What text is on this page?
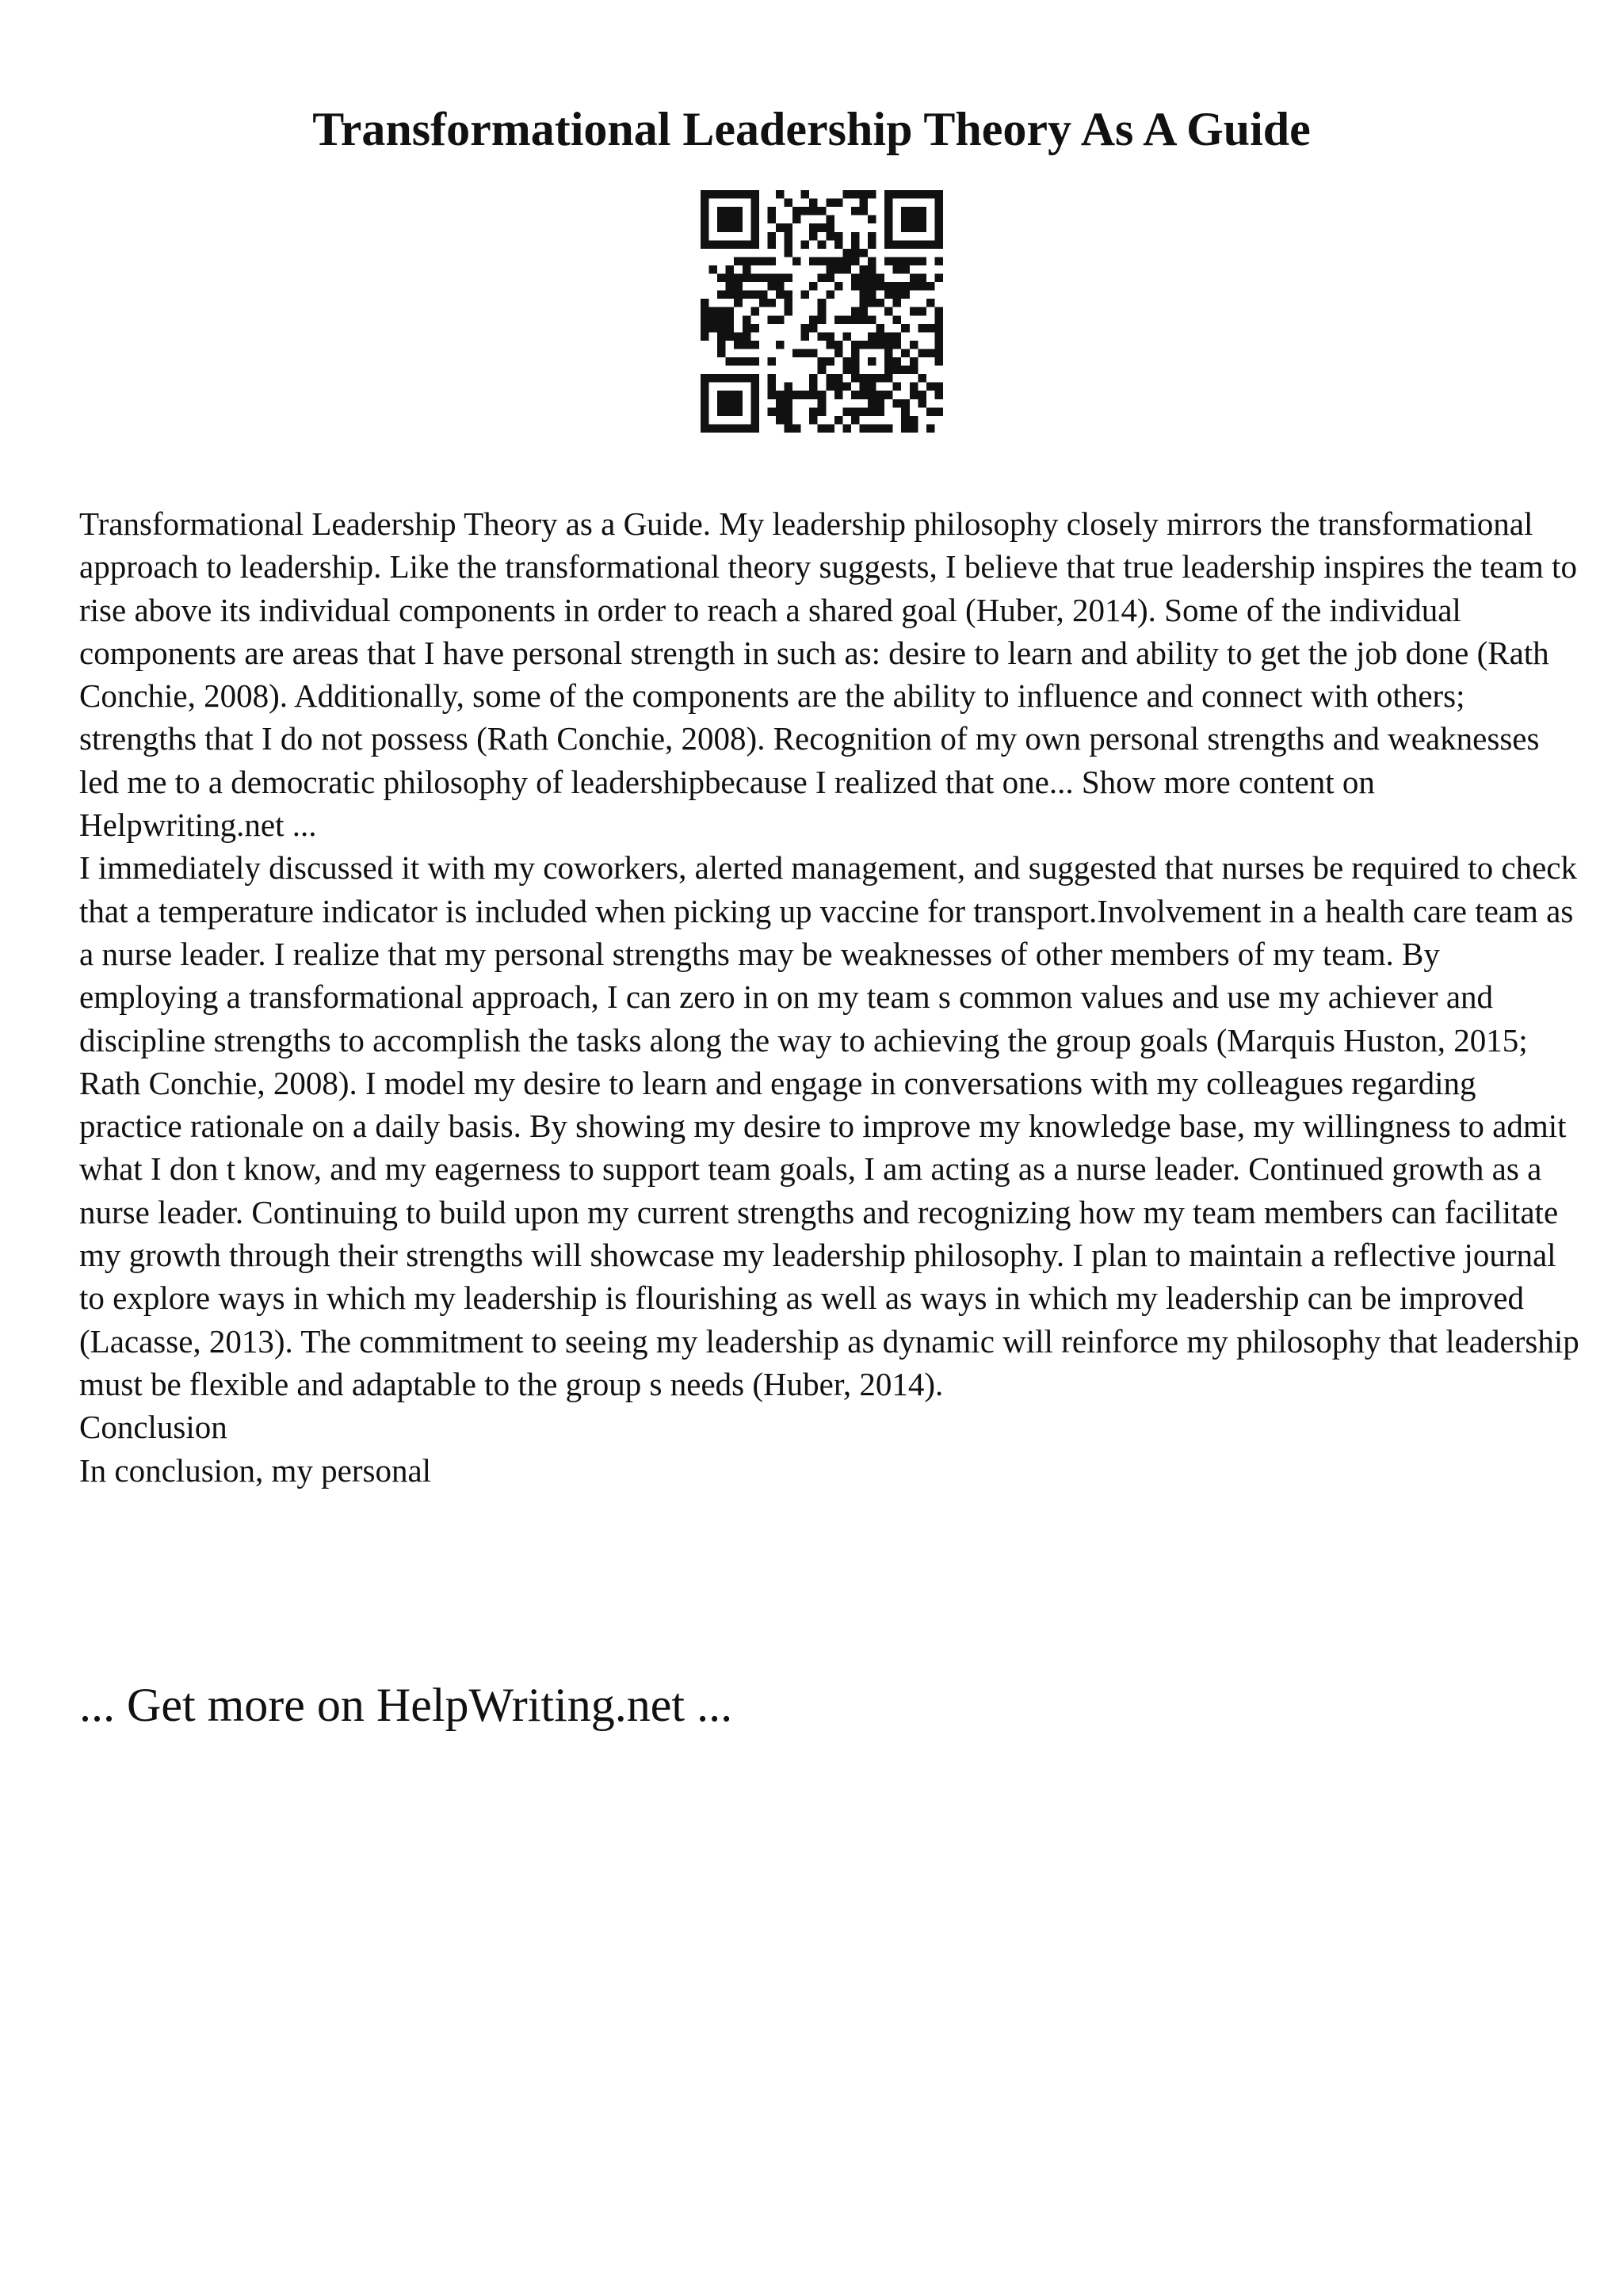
Transformational Leadership Theory As A Guide

Transformational Leadership Theory as a Guide. My leadership philosophy closely mirrors the transformational approach to leadership. Like the transformational theory suggests, I believe that true leadership inspires the team to rise above its individual components in order to reach a shared goal (Huber, 2014). Some of the individual components are areas that I have personal strength in such as: desire to learn and ability to get the job done (Rath Conchie, 2008). Additionally, some of the components are the ability to influence and connect with others; strengths that I do not possess (Rath Conchie, 2008). Recognition of my own personal strengths and weaknesses led me to a democratic philosophy of leadershipbecause I realized that one... Show more content on Helpwriting.net ...

I immediately discussed it with my coworkers, alerted management, and suggested that nurses be required to check that a temperature indicator is included when picking up vaccine for transport.Involvement in a health care team as a nurse leader. I realize that my personal strengths may be weaknesses of other members of my team. By employing a transformational approach, I can zero in on my team s common values and use my achiever and discipline strengths to accomplish the tasks along the way to achieving the group goals (Marquis Huston, 2015; Rath Conchie, 2008). I model my desire to learn and engage in conversations with my colleagues regarding practice rationale on a daily basis. By showing my desire to improve my knowledge base, my willingness to admit what I don t know, and my eagerness to support team goals, I am acting as a nurse leader. Continued growth as a nurse leader. Continuing to build upon my current strengths and recognizing how my team members can facilitate my growth through their strengths will showcase my leadership philosophy. I plan to maintain a reflective journal to explore ways in which my leadership is flourishing as well as ways in which my leadership can be improved (Lacasse, 2013). The commitment to seeing my leadership as dynamic will reinforce my philosophy that leadership must be flexible and adaptable to the group s needs (Huber, 2014).

Conclusion

In conclusion, my personal

... Get more on HelpWriting.net ...
